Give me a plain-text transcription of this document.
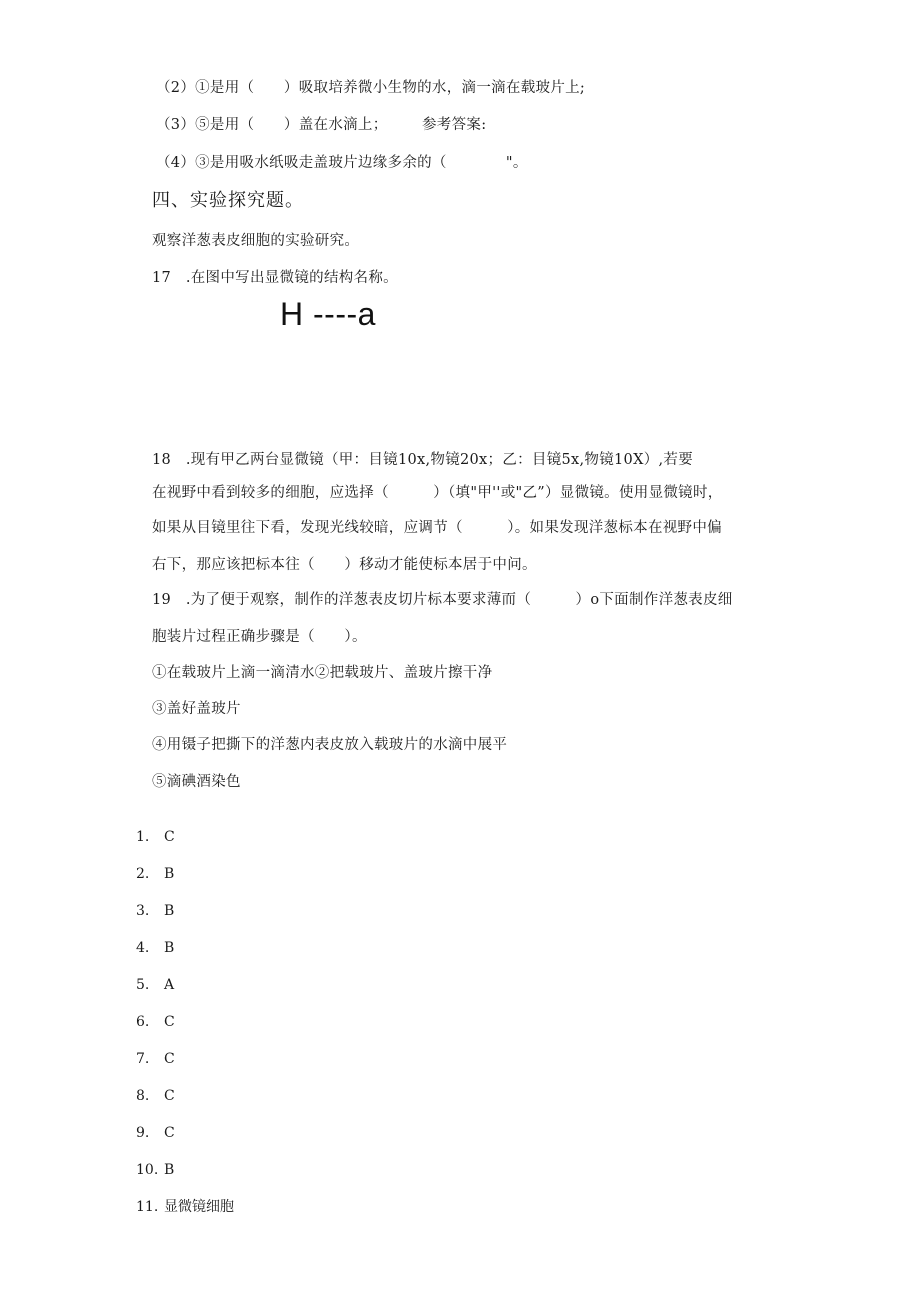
（2）①是用（　　）吸取培养微小生物的水，滴一滴在载玻片上;
（3）⑤是用（　　）盖在水滴上； 参考答案:
（4）③是用吸水纸吸走盖玻片边缘多余的（　　　　"。
四、实验探究题。
观察洋葱表皮细胞的实验研究。
17　.在图中写出显微镜的结构名称。
H ----a
18　.现有甲乙两台显微镜（甲：目镜10x,物镜20x；乙：目镜5x,物镜10X）,若要
在视野中看到较多的细胞，应选择（　　　）（填"甲''或"乙”）显微镜。使用显微镜时，
如果从目镜里往下看，发现光线较暗，应调节（　　　）。如果发现洋葱标本在视野中偏
右下，那应该把标本往（　　）移动才能使标本居于中问。
19　.为了便于观察，制作的洋葱表皮切片标本要求薄而（　　　）o下面制作洋葱表皮细
胞装片过程正确步骤是（　　）。
①在载玻片上滴一滴清水②把载玻片、盖玻片擦干净
③盖好盖玻片
④用镊子把撕下的洋葱内表皮放入载玻片的水滴中展平
⑤滴碘酒染色
1. C
2. B
3. B
4. B
5. A
6. C
7. C
8. C
9. C
10. B
11. 显微镜细胞
